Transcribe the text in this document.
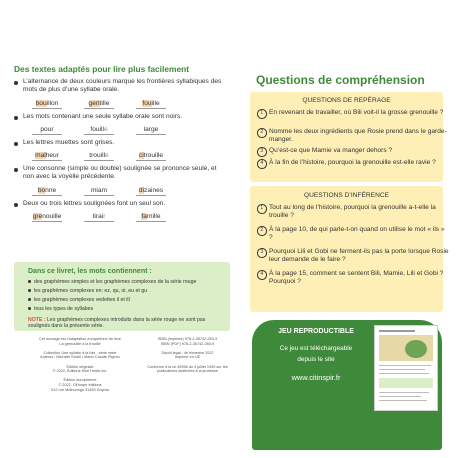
Des textes adaptés pour lire plus facilement
L’alternance de deux couleurs marque les frontières syllabiques des mots de plus d’une syllabe orale.
bouillon	gentille	fouille
Les mots contenant une seule syllabe orale sont noirs.
pour	fouille	large
Les lettres muettes sont grises.
malheur	trouille	citrouille
Une consonne (simple ou double) soulignée se prononce seule, et non avec la voyelle précédente.
bonne	miam	dizaines
Deux ou trois lettres soulignées font un seul son.
grenouille	tirair	famille
Dans ce livret, les mots contiennent :
des graphèmes simples et les graphèmes complexes de la série rouge
les graphèmes complexes en: ez, qu, oi, eu et gu
les graphèmes complexes vedettes il et ill
tous les types de syllabes
NOTE : Les graphèmes complexes introduits dans la série rouge ne sont pas soulignés dans la présente série.
Cet ouvrage est l’adaptation européenne du livre
La grenouille a la trouille

Collection Une syllabe à la fois - série verte
Auteurs : Michelle Khalil • Marie-Claude Pigeon

Édition originale
© 2022, Éditions Midi Trente inc.

Édition européenne
© 2022, Cit’inspir éditions
512 rue Mothuonge 31450 Doyma
ISBN (imprimé) 978-2-35742-263-9
ISBN (PDF) 978-2-35742-263-9

Dépôt légal : 4e trimestre 2022
Imprimé en UE

Conforme à la loi 49956 du 4 juillet 1949 sur les
publications destinées à la jeunesse
Questions de compréhension
QUESTIONS DE REPÉRAGE
1 En revenant de travailler, où Bili voit-il la grosse grenouille ?
2 Nomme les deux ingrédients que Rosie prend dans le garde-manger.
3 Qu’est-ce que Mamie va manger dehors ?
4 À la fin de l’histoire, pourquoi la grenouille est-elle ravie ?
QUESTIONS D’INFÉRENCE
1 Tout au long de l’histoire, pourquoi la grenouille a-t-elle la trouille ?
2 À la page 10, de qui parle-t-on quand on utilise le mot « ils » ?
3 Pourquoi Lili et Gobi ne ferment-ils pas la porte lorsque Rosie leur demande de le faire ?
4 À la page 15, comment se sentent Bili, Mamie, Lili et Gobi ? Pourquoi ?
JEU REPRODUCTIBLE
Ce jeu est téléchargeable
depuis le site
www.citinspir.fr
